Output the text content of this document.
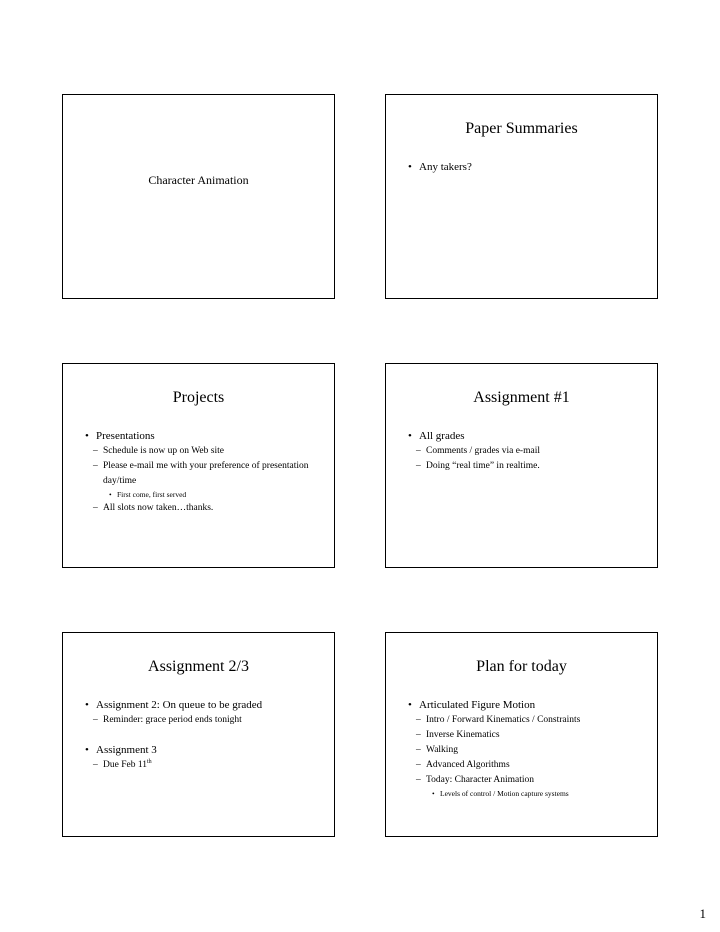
Character Animation
Paper Summaries
• Any takers?
Projects
• Presentations
– Schedule is now up on Web site
– Please e-mail me with your preference of presentation day/time
• First come, first served
– All slots now taken…thanks.
Assignment #1
• All grades
– Comments / grades via e-mail
– Doing “real time” in realtime.
Assignment 2/3
• Assignment 2: On queue to be graded
– Reminder: grace period ends tonight
• Assignment 3
– Due Feb 11th
Plan for today
• Articulated Figure Motion
– Intro / Forward Kinematics / Constraints
– Inverse Kinematics
– Walking
– Advanced Algorithms
– Today: Character Animation
• Levels of control / Motion capture systems
1
